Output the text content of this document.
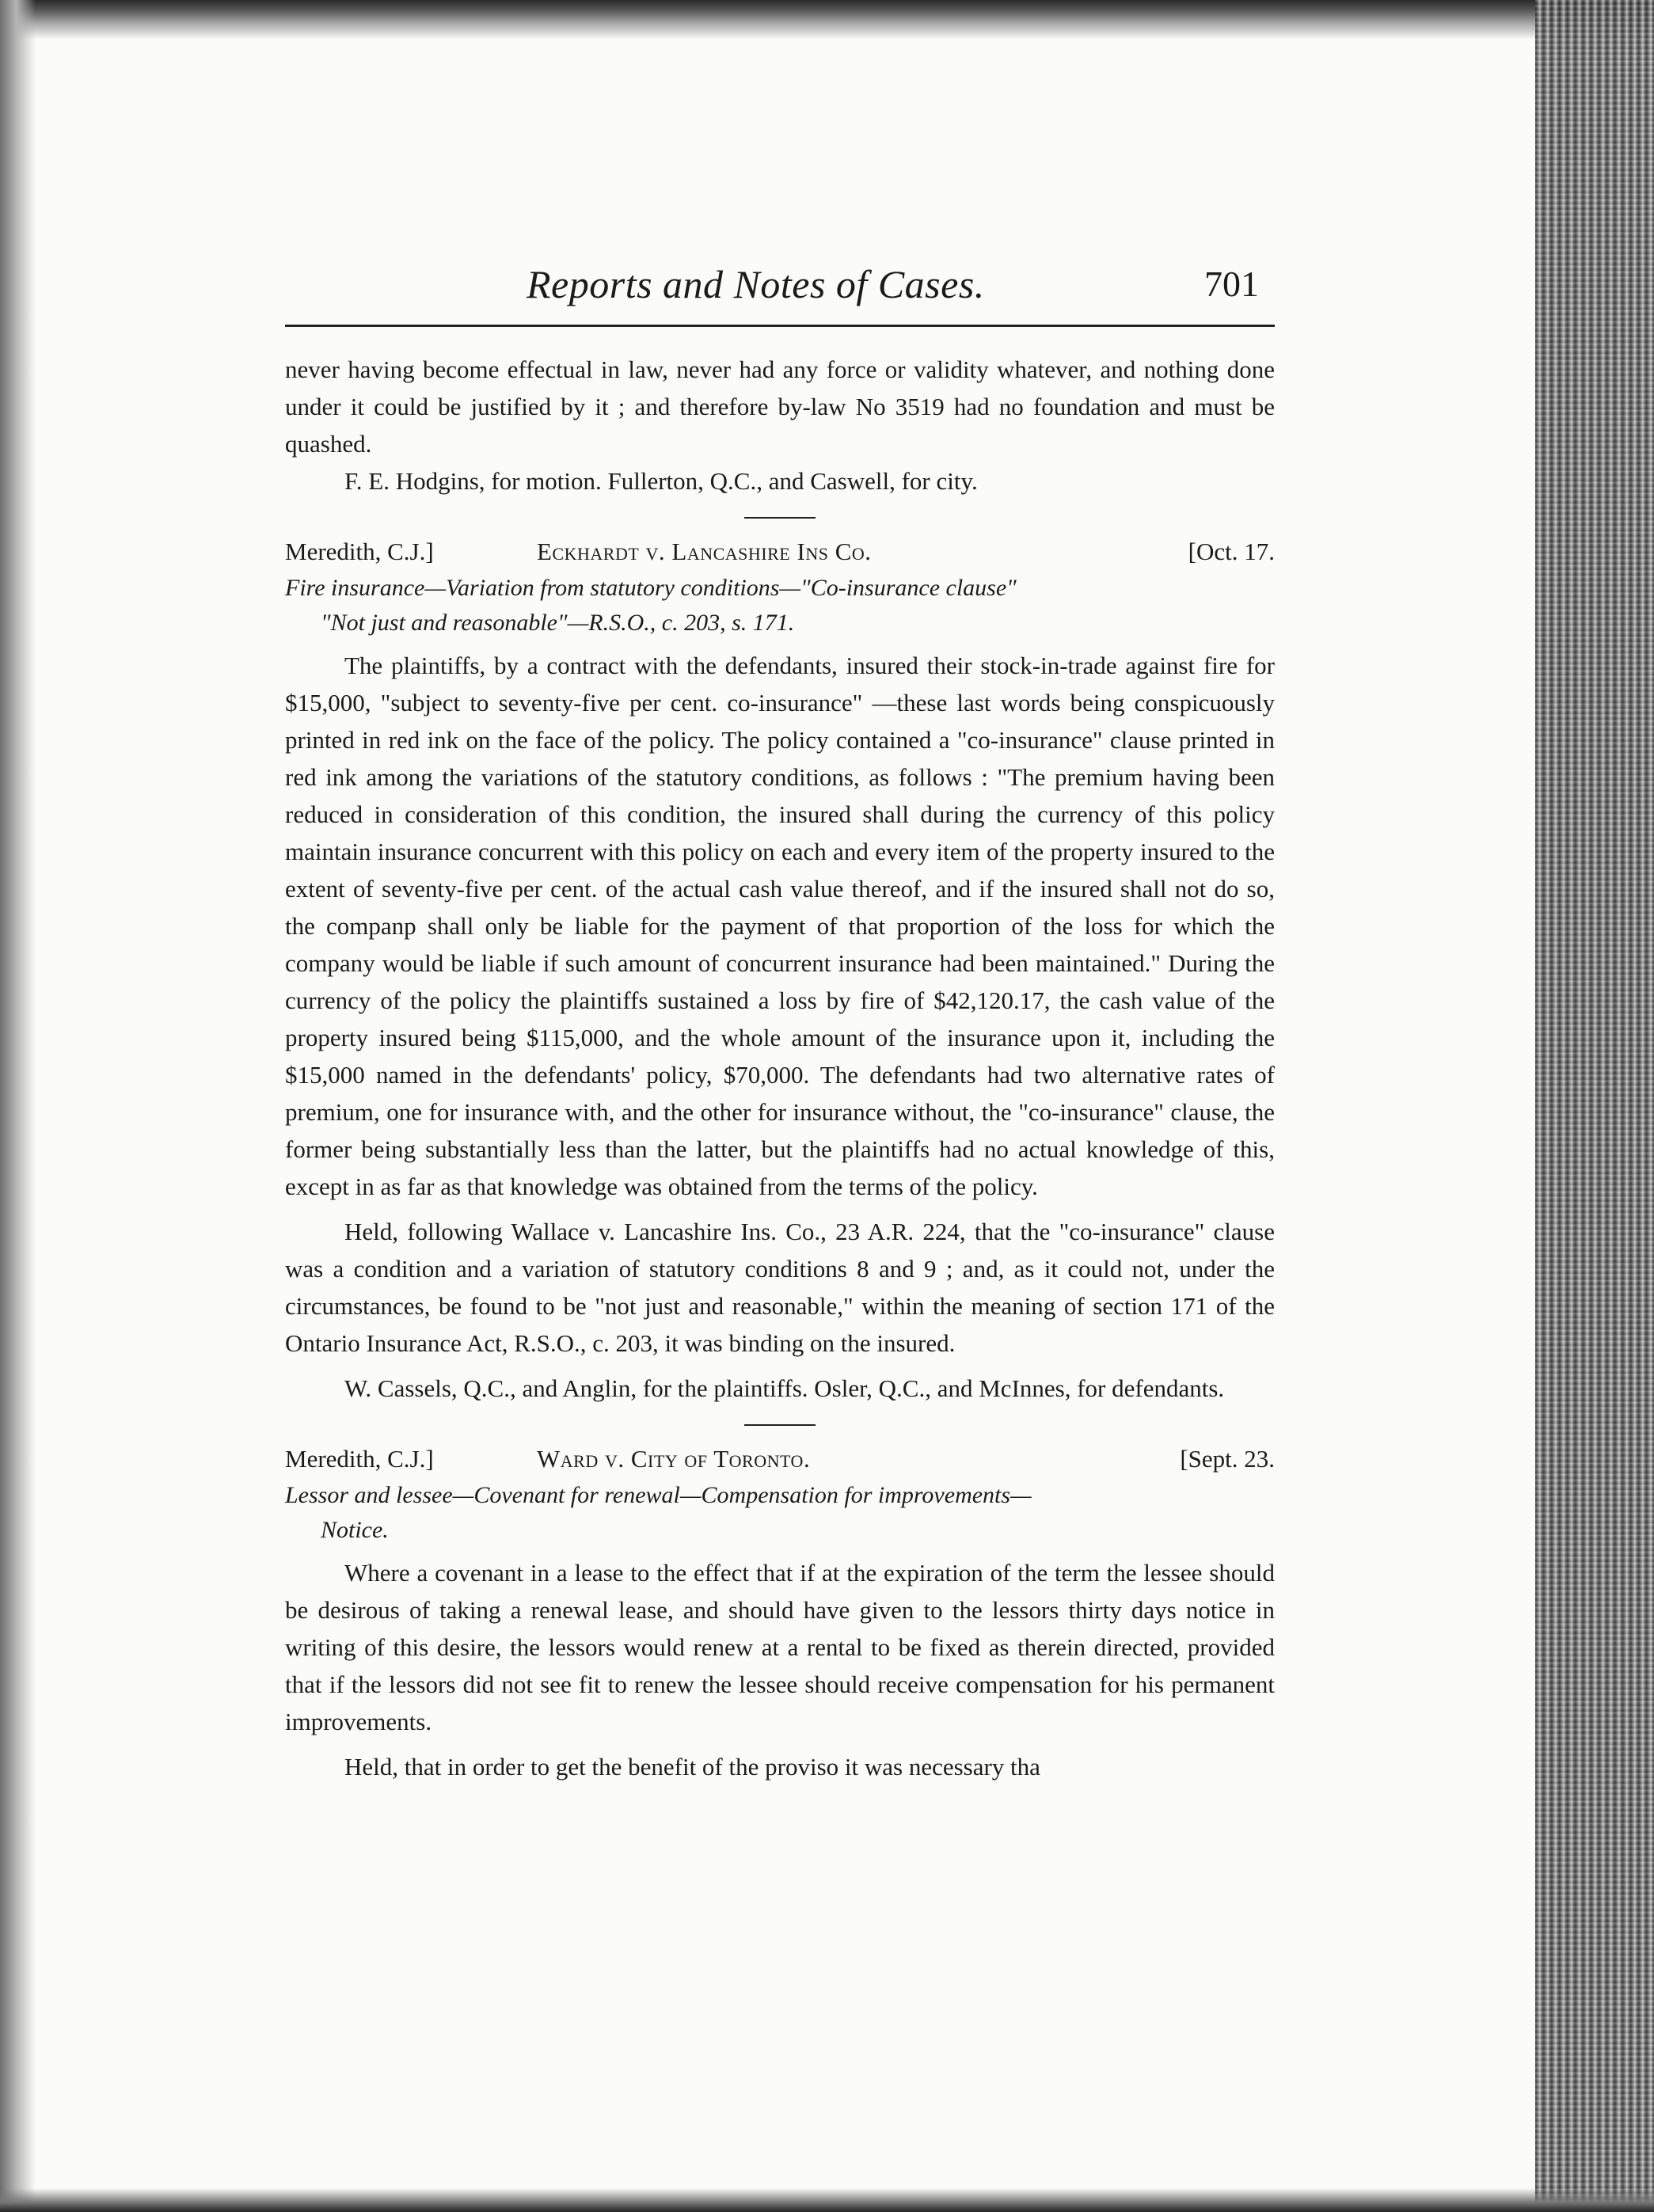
Reports and Notes of Cases.	701

never having become effectual in law, never had any force or validity whatever, and nothing done under it could be justified by it ; and therefore by-law No 3519 had no foundation and must be quashed.

F. E. Hodgins, for motion. Fullerton, Q.C., and Caswell, for city.

Meredith, C.J.]	Eckhardt v. Lancashire Ins Co.	[Oct. 17.
Fire insurance—Variation from statutory conditions—"Co-insurance clause"
"Not just and reasonable"—R.S.O., c. 203, s. 171.

The plaintiffs, by a contract with the defendants, insured their stock-in-trade against fire for $15,000, "subject to seventy-five per cent. co-insurance" —these last words being conspicuously printed in red ink on the face of the policy. The policy contained a "co-insurance" clause printed in red ink among the variations of the statutory conditions, as follows : "The premium having been reduced in consideration of this condition, the insured shall during the currency of this policy maintain insurance concurrent with this policy on each and every item of the property insured to the extent of seventy-five per cent. of the actual cash value thereof, and if the insured shall not do so, the companp shall only be liable for the payment of that proportion of the loss for which the company would be liable if such amount of concurrent insurance had been maintained." During the currency of the policy the plaintiffs sustained a loss by fire of $42,120.17, the cash value of the property insured being $115,000, and the whole amount of the insurance upon it, including the $15,000 named in the defendants' policy, $70,000. The defendants had two alternative rates of premium, one for insurance with, and the other for insurance without, the "co-insurance" clause, the former being substantially less than the latter, but the plaintiffs had no actual knowledge of this, except in as far as that knowledge was obtained from the terms of the policy.

Held, following Wallace v. Lancashire Ins. Co., 23 A.R. 224, that the "co-insurance" clause was a condition and a variation of statutory conditions 8 and 9 ; and, as it could not, under the circumstances, be found to be "not just and reasonable," within the meaning of section 171 of the Ontario Insurance Act, R.S.O., c. 203, it was binding on the insured.

W. Cassels, Q.C., and Anglin, for the plaintiffs. Osler, Q.C., and McInnes, for defendants.

Meredith, C.J.]	Ward v. City of Toronto.	[Sept. 23.
Lessor and lessee—Covenant for renewal—Compensation for improvements—
Notice.

Where a covenant in a lease to the effect that if at the expiration of the term the lessee should be desirous of taking a renewal lease, and should have given to the lessors thirty days notice in writing of this desire, the lessors would renew at a rental to be fixed as therein directed, provided that if the lessors did not see fit to renew the lessee should receive compensation for his permanent improvements.

Held, that in order to get the benefit of the proviso it was necessary tha
